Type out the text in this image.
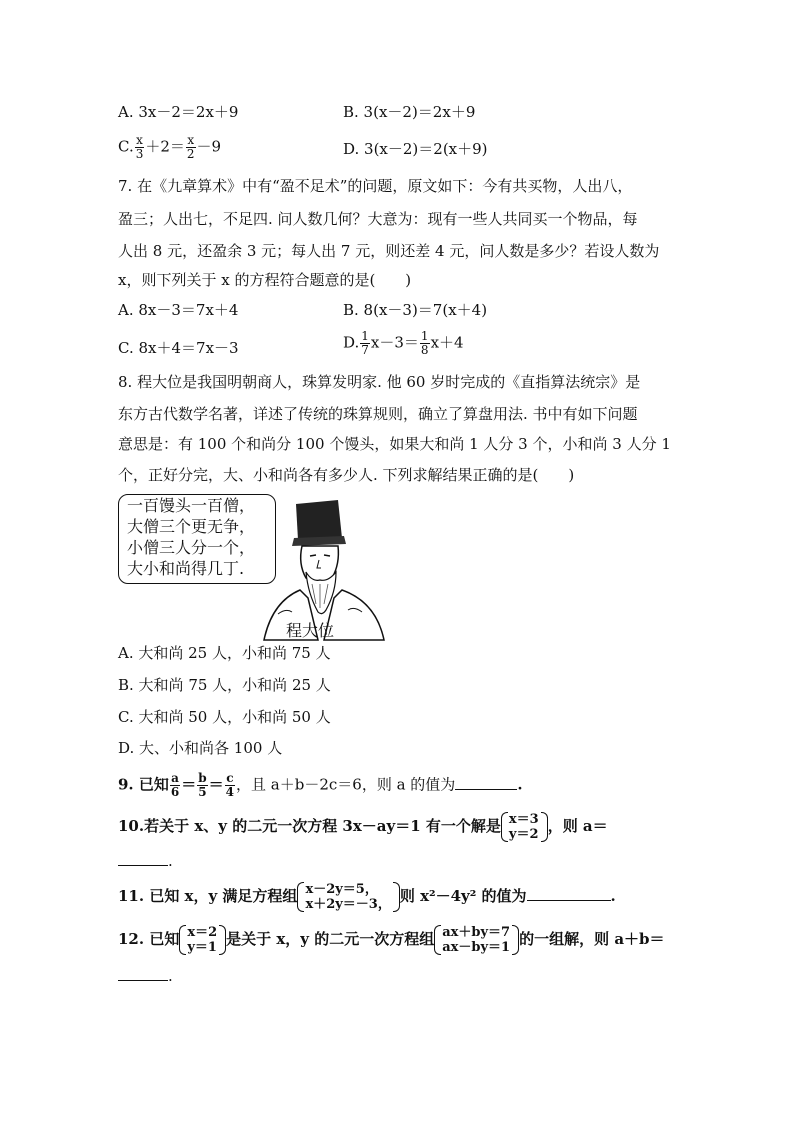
A. 3x－2＝2x＋9	B. 3(x－2)＝2x＋9
C. $\frac{x}{3} +2= \frac{x}{2} -9$	D. 3(x－2)＝2(x＋9)
7. 在《九章算术》中有“盈不足术”的问题，原文如下：今有共买物，人出八，
盈三；人出七，不足四. 问人数几何？大意为：现有一些人共同买一个物品，每
人出 8 元，还盈余 3 元；每人出 7 元，则还差 4 元，问人数是多少？若设人数为
x，则下列关于 x 的方程符合题意的是(　　)
A. 8x－3＝7x＋4	B. 8(x－3)＝7(x＋4)
C. 8x＋4＝7x－3	D. $\frac{1}{7} x-3= \frac{1}{8} x+4$
8. 程大位是我国明朝商人，珠算发明家. 他 60 岁时完成的《直指算法统宗》是
东方古代数学名著，详述了传统的珠算规则，确立了算盘用法. 书中有如下问题
意思是：有 100 个和尚分 100 个馒头，如果大和尚 1 人分 3 个，小和尚 3 人分 1
个，正好分完，大、小和尚各有多少人. 下列求解结果正确的是(　　)
一百馒头一百僧，
大僧三个更无争，
小僧三人分一个，
大小和尚得几丁.
程大位
A. 大和尚 25 人，小和尚 75 人
B. 大和尚 75 人，小和尚 25 人
C. 大和尚 50 人，小和尚 50 人
D. 大、小和尚各 100 人
9. 已知 $\frac{a}{6} = \frac{b}{5} = \frac{c}{4}$ ，且 a＋b－2c＝6，则 a 的值为	.
10.若关于 x、y 的二元一次方程 3x－ay＝1 有一个解是 x＝3
y＝2 ，则 a＝
.
11. 已知 x，y 满足方程组 x－2y＝5，
x＋2y＝－3， 则 x²－4y² 的值为	.
12. 已知 x＝2
y＝1 是关于 x，y 的二元一次方程组 ax＋by＝7
ax－by＝1 的一组解，则 a＋b＝
.
